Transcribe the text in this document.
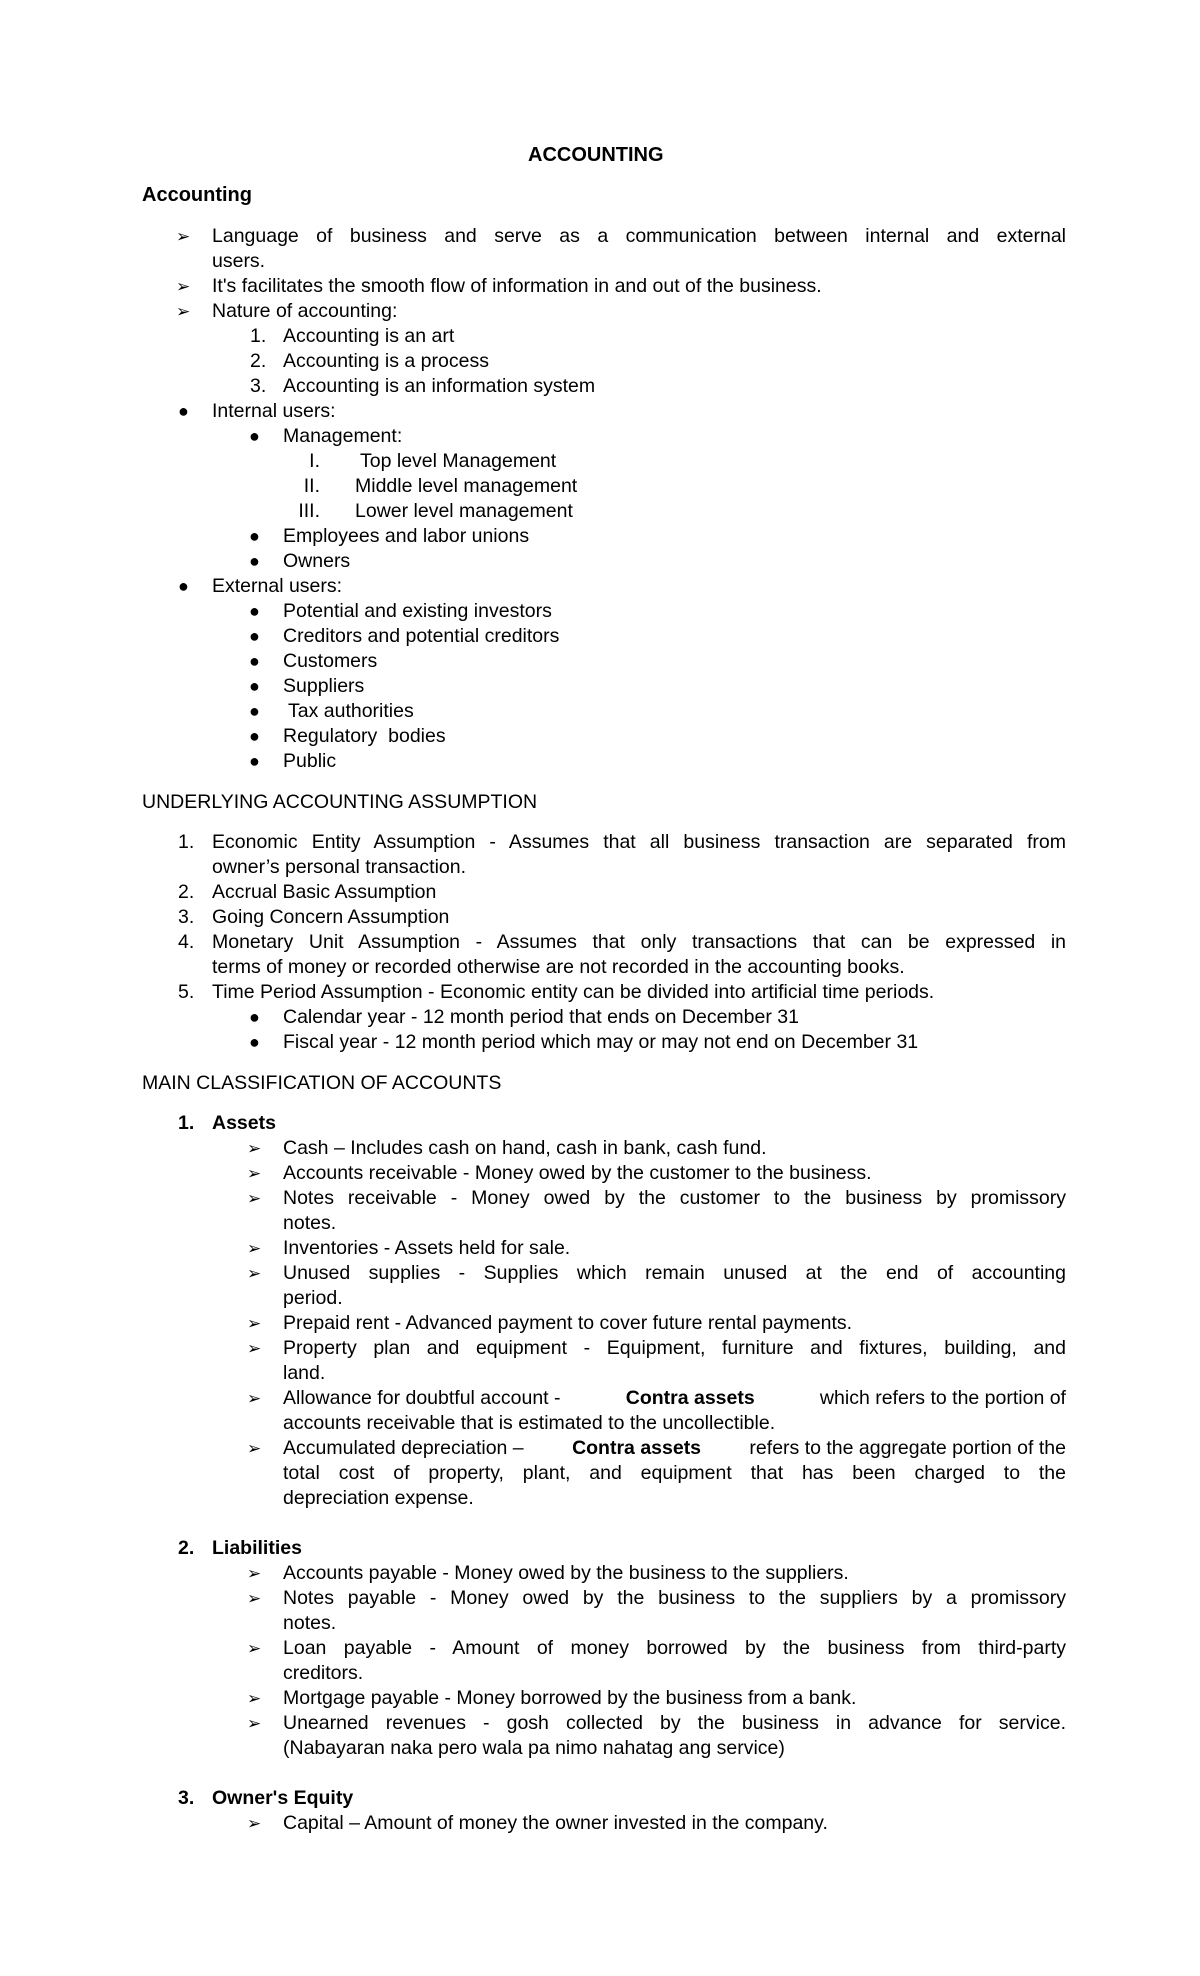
ACCOUNTING
Accounting
➢ Language of business and serve as a communication between internal and external
users.
➢ It's facilitates the smooth flow of information in and out of the business.
➢ Nature of accounting:
1. Accounting is an art
2. Accounting is a process
3. Accounting is an information system
● Internal users:
● Management:
I. Top level Management
II. Middle level management
III. Lower level management
● Employees and labor unions
● Owners
● External users:
● Potential and existing investors
● Creditors and potential creditors
● Customers
● Suppliers
● Tax authorities
● Regulatory  bodies
● Public
UNDERLYING ACCOUNTING ASSUMPTION
1. Economic Entity Assumption - Assumes that all business transaction are separated from
owner’s personal transaction.
2. Accrual Basic Assumption
3. Going Concern Assumption
4. Monetary Unit Assumption - Assumes that only transactions that can be expressed in
terms of money or recorded otherwise are not recorded in the accounting books.
5. Time Period Assumption - Economic entity can be divided into artificial time periods.
● Calendar year - 12 month period that ends on December 31
● Fiscal year - 12 month period which may or may not end on December 31
MAIN CLASSIFICATION OF ACCOUNTS
1. Assets
➢ Cash – Includes cash on hand, cash in bank, cash fund.
➢ Accounts receivable - Money owed by the customer to the business.
➢ Notes receivable - Money owed by the customer to the business by promissory
notes.
➢ Inventories - Assets held for sale.
➢ Unused supplies - Supplies which remain unused at the end of accounting
period.
➢ Prepaid rent - Advanced payment to cover future rental payments.
➢ Property plan and equipment - Equipment, furniture and fixtures, building, and
land.
➢ Allowance for doubtful account -	Contra assets	which refers to the portion of
accounts receivable that is estimated to the uncollectible.
➢ Accumulated depreciation – Contra assets refers to the aggregate portion of the
total cost of property, plant, and equipment that has been charged to the
depreciation expense.
2. Liabilities
➢ Accounts payable - Money owed by the business to the suppliers.
➢ Notes payable - Money owed by the business to the suppliers by a promissory
notes.
➢ Loan payable - Amount of money borrowed by the business from third-party
creditors.
➢ Mortgage payable - Money borrowed by the business from a bank.
➢ Unearned revenues - gosh collected by the business in advance for service.
(Nabayaran naka pero wala pa nimo nahatag ang service)
3. Owner's Equity
➢ Capital – Amount of money the owner invested in the company.
